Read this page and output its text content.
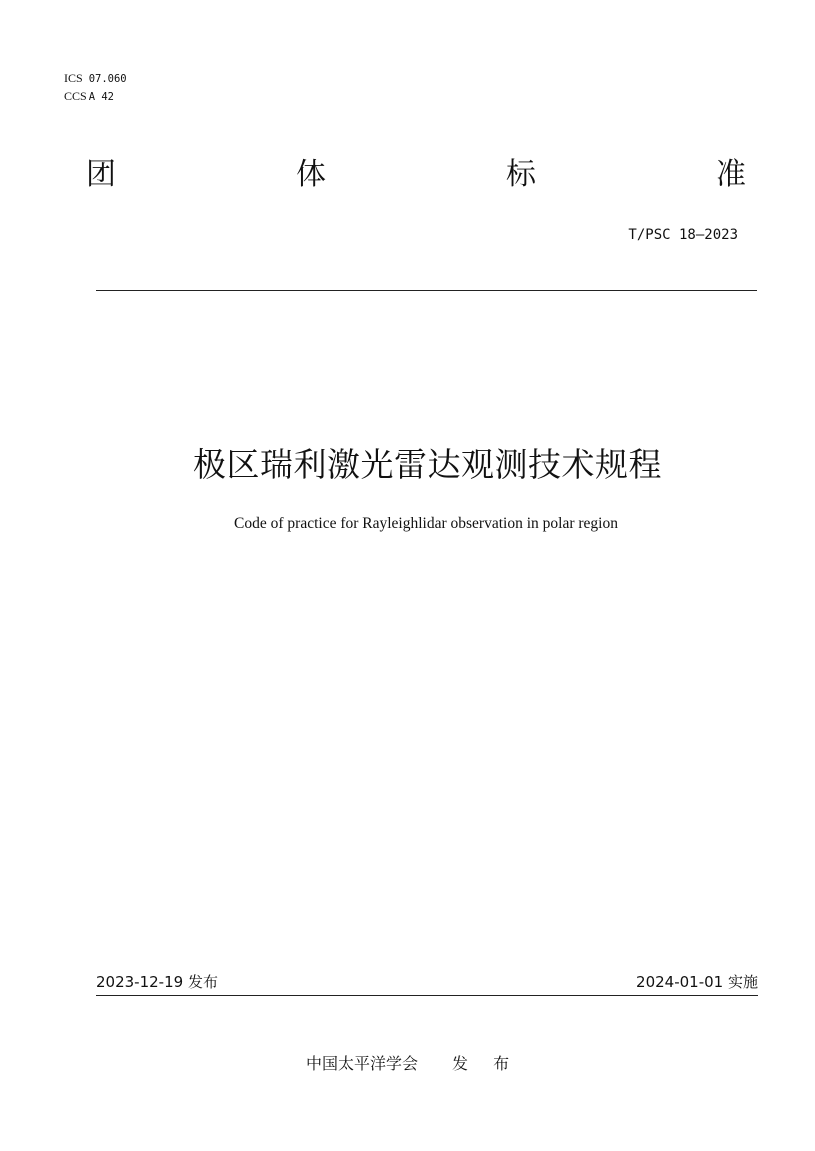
ICS 07.060
CCS A 42
团	体	标	准
T/PSC 18—2023
极区瑞利激光雷达观测技术规程
Code of practice for Rayleighlidar observation in polar region
2023-12-19 发布	2024-01-01 实施
中国太平洋学会 发 布
